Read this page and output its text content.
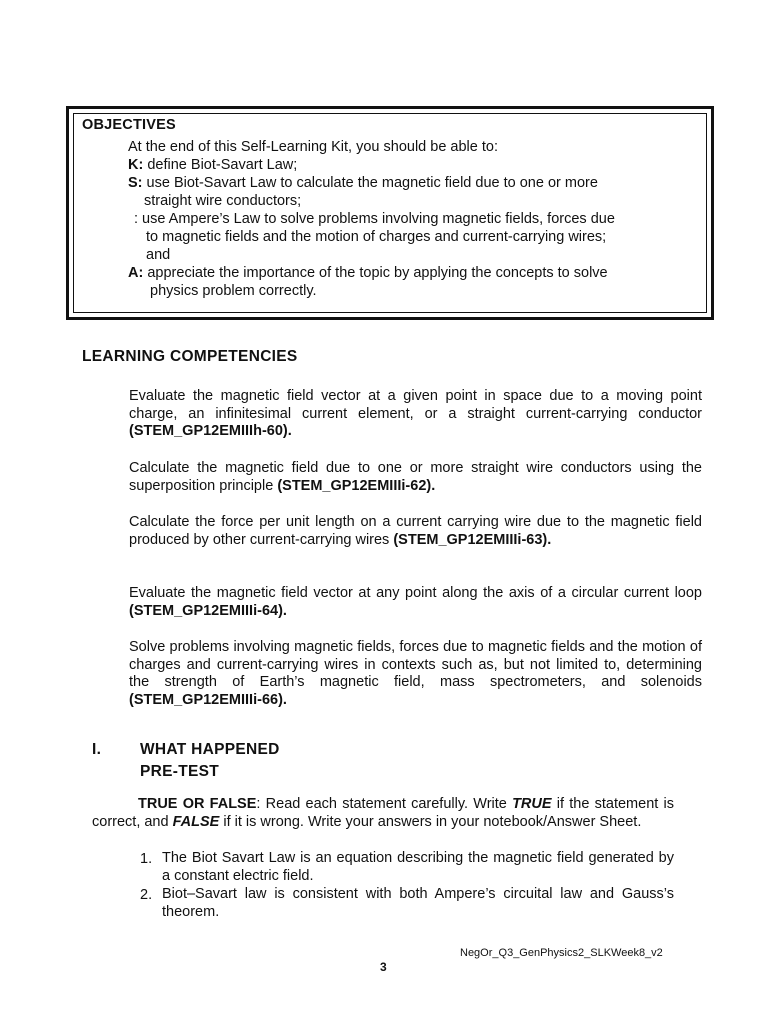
OBJECTIVES
At the end of this Self-Learning Kit, you should be able to:
K: define Biot-Savart Law;
S: use Biot-Savart Law to calculate the magnetic field due to one or more
straight wire conductors;
: use Ampere’s Law to solve problems involving magnetic fields, forces due
to magnetic fields and the motion of charges and current-carrying wires;
and
A: appreciate the importance of the topic by applying the concepts to solve
physics problem correctly.
LEARNING COMPETENCIES
Evaluate the magnetic field vector at a given point in space due to a moving point charge, an infinitesimal current element, or a straight current-carrying conductor (STEM_GP12EMIIIh-60).
Calculate the magnetic field due to one or more straight wire conductors using the superposition principle (STEM_GP12EMIIIi-62).
Calculate the force per unit length on a current carrying wire due to the magnetic field produced by other current-carrying wires (STEM_GP12EMIIIi-63).
Evaluate the magnetic field vector at any point along the axis of a circular current loop (STEM_GP12EMIIIi-64).
Solve problems involving magnetic fields, forces due to magnetic fields and the motion of charges and current-carrying wires in contexts such as, but not limited to, determining the strength of Earth’s magnetic field, mass spectrometers, and solenoids (STEM_GP12EMIIIi-66).
I.	WHAT HAPPENED
PRE-TEST
TRUE OR FALSE: Read each statement carefully. Write TRUE if the statement is correct, and FALSE if it is wrong. Write your answers in your notebook/Answer Sheet.
1. The Biot Savart Law is an equation describing the magnetic field generated by a constant electric field.
2. Biot–Savart law is consistent with both Ampere’s circuital law and Gauss’s theorem.
NegOr_Q3_GenPhysics2_SLKWeek8_v2
3
